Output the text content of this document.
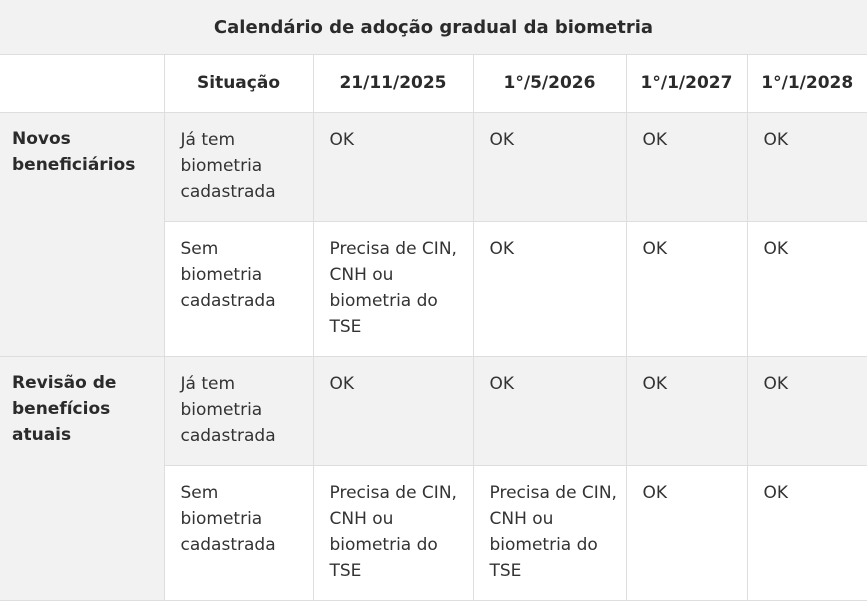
Calendário de adoção gradual da biometria
	Situação	21/11/2025	1°/5/2026	1°/1/2027	1°/1/2028
Novos beneficiários	Já tem biometria cadastrada	OK	OK	OK	OK
	Sem biometria cadastrada	Precisa de CIN, CNH ou biometria do TSE	OK	OK	OK
Revisão de benefícios atuais	Já tem biometria cadastrada	OK	OK	OK	OK
	Sem biometria cadastrada	Precisa de CIN, CNH ou biometria do TSE	Precisa de CIN, CNH ou biometria do TSE	OK	OK
